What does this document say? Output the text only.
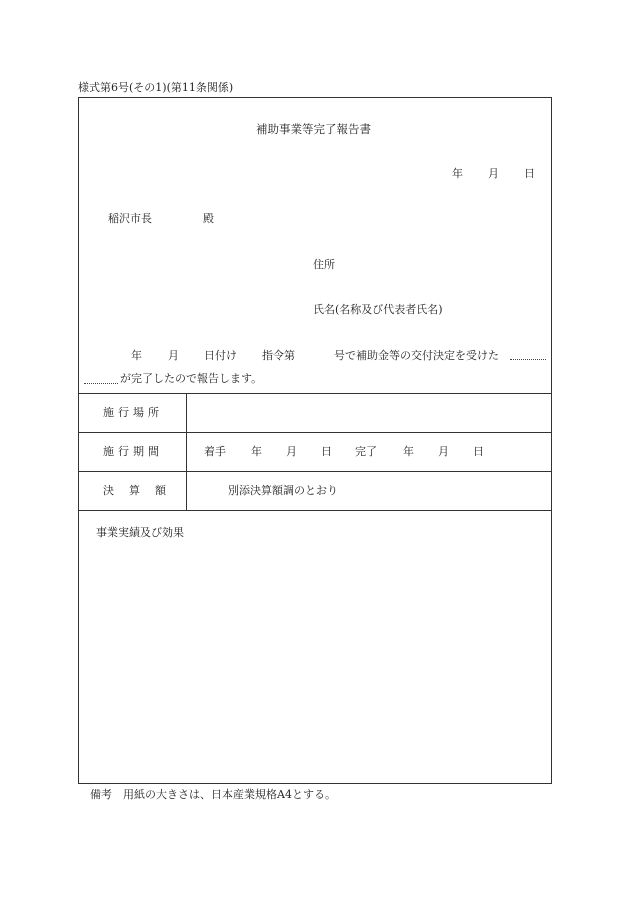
様式第6号(その1)(第11条関係)
補助事業等完了報告書
年 月 日
稲沢市長	殿
住所
氏名(名称及び代表者氏名)
年 月 日付け 指令第	号で補助金等の交付決定を受けた
が完了したので報告します。
施行場所
施行期間	着手 年 月 日 完了 年 月 日
決算額	別添決算額調のとおり
事業実績及び効果
備考　用紙の大きさは、日本産業規格A4とする。
